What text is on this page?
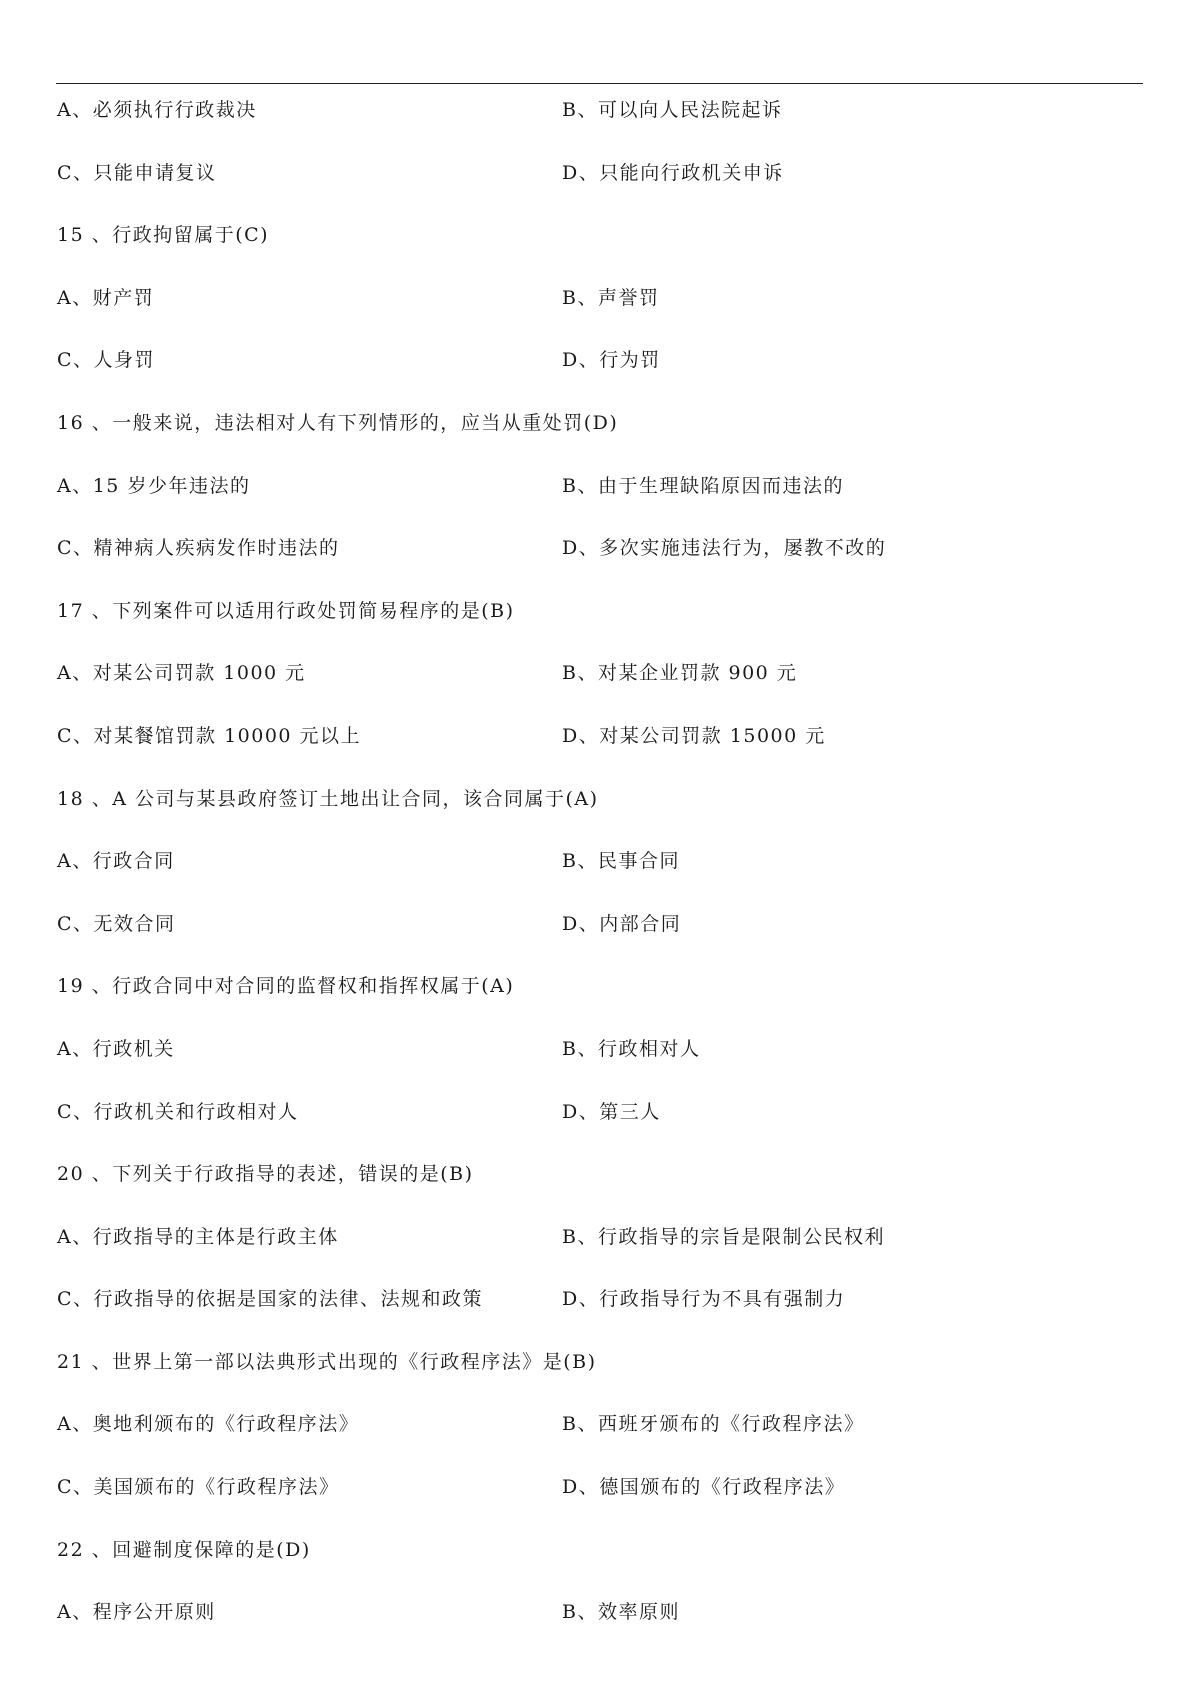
A、必须执行行政裁决	B、可以向人民法院起诉
C、只能申请复议	D、只能向行政机关申诉
15 、行政拘留属于(C)
A、财产罚	B、声誉罚
C、人身罚	D、行为罚
16 、一般来说，违法相对人有下列情形的，应当从重处罚(D)
A、15 岁少年违法的	B、由于生理缺陷原因而违法的
C、精神病人疾病发作时违法的	D、多次实施违法行为，屡教不改的
17 、下列案件可以适用行政处罚简易程序的是(B)
A、对某公司罚款 1000 元	B、对某企业罚款 900 元
C、对某餐馆罚款 10000 元以上	D、对某公司罚款 15000 元
18 、A 公司与某县政府签订土地出让合同，该合同属于(A)
A、行政合同	B、民事合同
C、无效合同	D、内部合同
19 、行政合同中对合同的监督权和指挥权属于(A)
A、行政机关	B、行政相对人
C、行政机关和行政相对人	D、第三人
20 、下列关于行政指导的表述，错误的是(B)
A、行政指导的主体是行政主体	B、行政指导的宗旨是限制公民权利
C、行政指导的依据是国家的法律、法规和政策	D、行政指导行为不具有强制力
21 、世界上第一部以法典形式出现的《行政程序法》是(B)
A、奥地利颁布的《行政程序法》	B、西班牙颁布的《行政程序法》
C、美国颁布的《行政程序法》	D、德国颁布的《行政程序法》
22 、回避制度保障的是(D)
A、程序公开原则	B、效率原则
